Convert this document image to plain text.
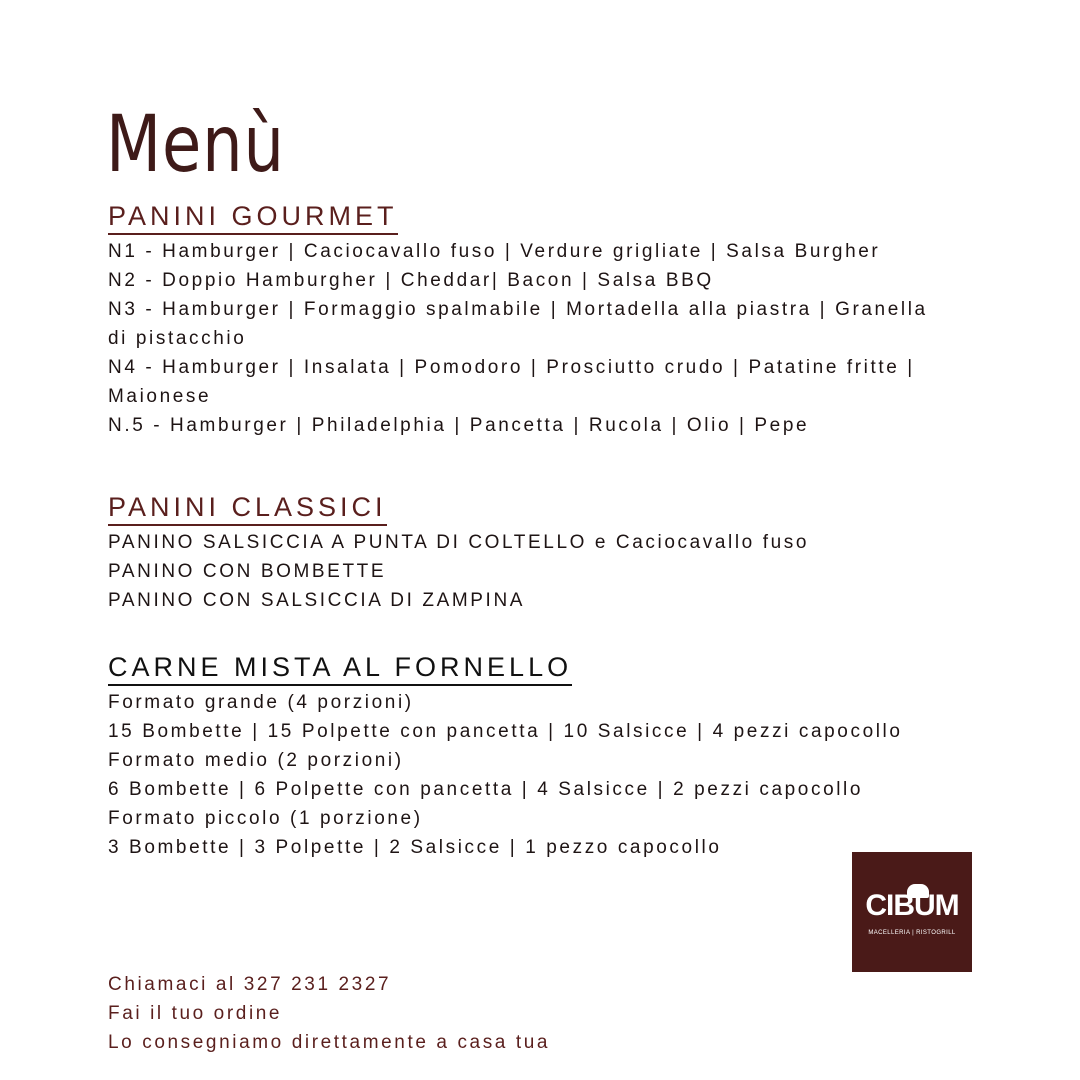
Menù
PANINI GOURMET
N1 - Hamburger | Caciocavallo fuso | Verdure grigliate | Salsa Burgher
N2 - Doppio Hamburgher | Cheddar| Bacon | Salsa BBQ
N3 - Hamburger | Formaggio spalmabile | Mortadella alla piastra | Granella
di pistacchio
N4 - Hamburger | Insalata | Pomodoro | Prosciutto crudo | Patatine fritte |
Maionese
N.5 - Hamburger | Philadelphia | Pancetta | Rucola | Olio | Pepe
PANINI CLASSICI
PANINO SALSICCIA A PUNTA DI COLTELLO e Caciocavallo fuso
PANINO CON BOMBETTE
PANINO CON SALSICCIA DI ZAMPINA
CARNE MISTA AL FORNELLO
Formato grande (4 porzioni)
15 Bombette | 15 Polpette con pancetta | 10 Salsicce | 4 pezzi capocollo
Formato medio (2 porzioni)
6 Bombette | 6 Polpette con pancetta | 4 Salsicce | 2 pezzi capocollo
Formato piccolo (1 porzione)
3 Bombette | 3 Polpette | 2 Salsicce | 1 pezzo capocollo
CIBUM
MACELLERIA | RISTOGRILL
Chiamaci al 327 231 2327
Fai il tuo ordine
Lo consegniamo direttamente a casa tua
